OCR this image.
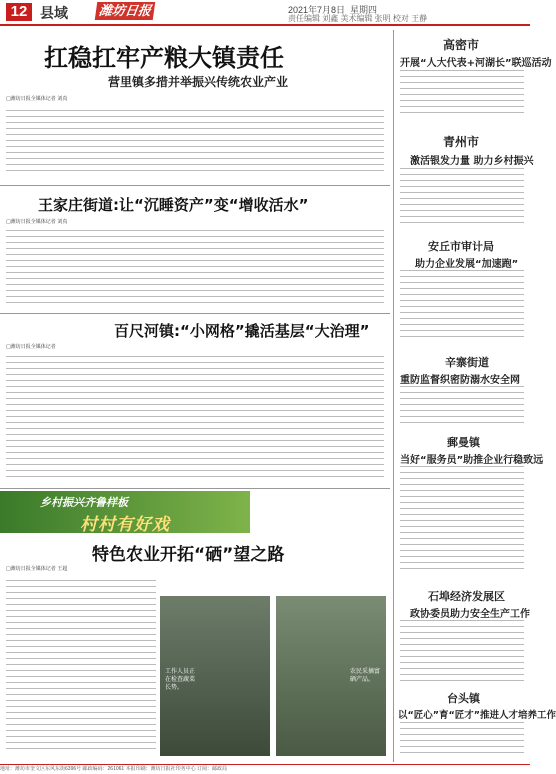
12 县域 潍坊日报	2021年7月8日 星期四
责任编辑 刘鑫 美术编辑 张明 校对 王静
扛稳扛牢产粮大镇责任
营里镇多措并举振兴传统农业产业
□潍坊日报全媒体记者 刘真
王家庄街道:让“沉睡资产”变“增收活水”
□潍坊日报全媒体记者 刘真
百尺河镇:“小网格”撬活基层“大治理”
□潍坊日报全媒体记者
乡村振兴齐鲁样板
村村有好戏
特色农业开拓“硒”望之路
□潍坊日报全媒体记者 王超
工作人员正在检查蔬菜长势。
农民采摘富硒产品。
高密市
开展“人大代表+河湖长”联巡活动
青州市
激活银发力量 助力乡村振兴
安丘市审计局
助力企业发展“加速跑”
辛寨街道
重防监督织密防溺水安全网
郵曼镇
当好“服务员”助推企业行稳致远
石埠经济发展区
政协委员助力安全生产工作
台头镇
以“匠心”育“匠才”推进人才培养工作
地址：潍坊市奎文区东风东街6396号 邮政编码：261061 本报印刷：潍坊日报社印务中心 订阅：邮政局
